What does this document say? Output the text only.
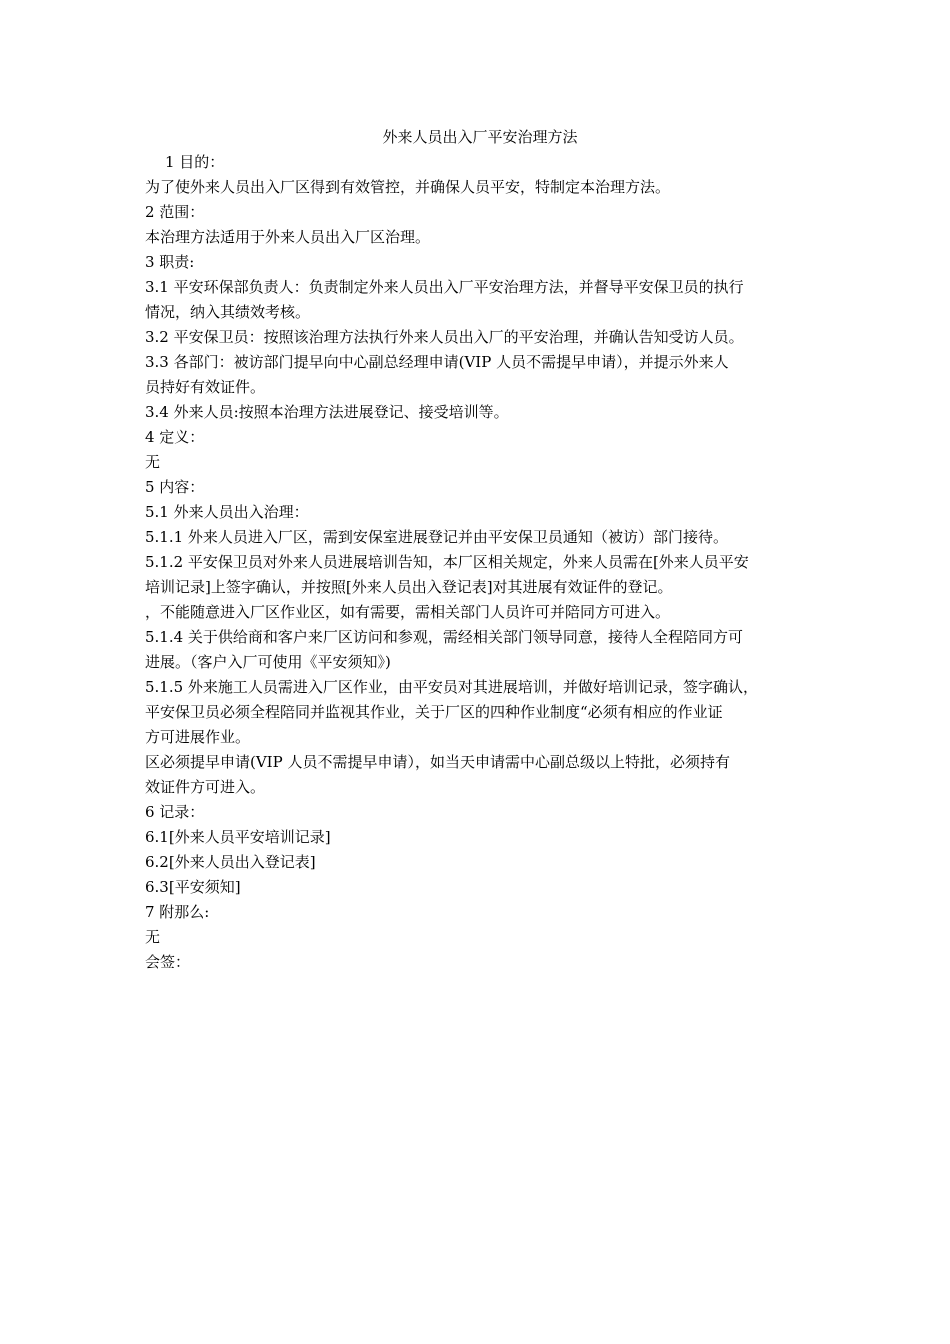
外来人员出入厂平安治理方法

1 目的：

为了使外来人员出入厂区得到有效管控，并确保人员平安，特制定本治理方法。

2 范围：

本治理方法适用于外来人员出入厂区治理。

3 职责:

3.1 平安环保部负责人：负责制定外来人员出入厂平安治理方法，并督导平安保卫员的执行
情况，纳入其绩效考核。

3.2 平安保卫员：按照该治理方法执行外来人员出入厂的平安治理，并确认告知受访人员。

3.3 各部门：被访部门提早向中心副总经理申请(VIP 人员不需提早申请），并提示外来人
员持好有效证件。

3.4 外来人员:按照本治理方法进展登记、接受培训等。

4 定义：

无

5 内容：

5.1 外来人员出入治理：

5.1.1 外来人员进入厂区，需到安保室进展登记并由平安保卫员通知（被访）部门接待。

5.1.2 平安保卫员对外来人员进展培训告知，本厂区相关规定，外来人员需在[外来人员平安
培训记录]上签字确认，并按照[外来人员出入登记表]对其进展有效证件的登记。

，不能随意进入厂区作业区，如有需要，需相关部门人员许可并陪同方可进入。

5.1.4 关于供给商和客户来厂区访问和参观，需经相关部门领导同意，接待人全程陪同方可
进展。（客户入厂可使用《平安须知》)

5.1.5 外来施工人员需进入厂区作业，由平安员对其进展培训，并做好培训记录，签字确认，
平安保卫员必须全程陪同并监视其作业，关于厂区的四种作业制度“必须有相应的作业证
方可进展作业。

区必须提早申请(VIP 人员不需提早申请），如当天申请需中心副总级以上特批，必须持有
效证件方可进入。

6 记录：

6.1[外来人员平安培训记录]

6.2[外来人员出入登记表]

6.3[平安须知]

7 附那么:

无

会签：
